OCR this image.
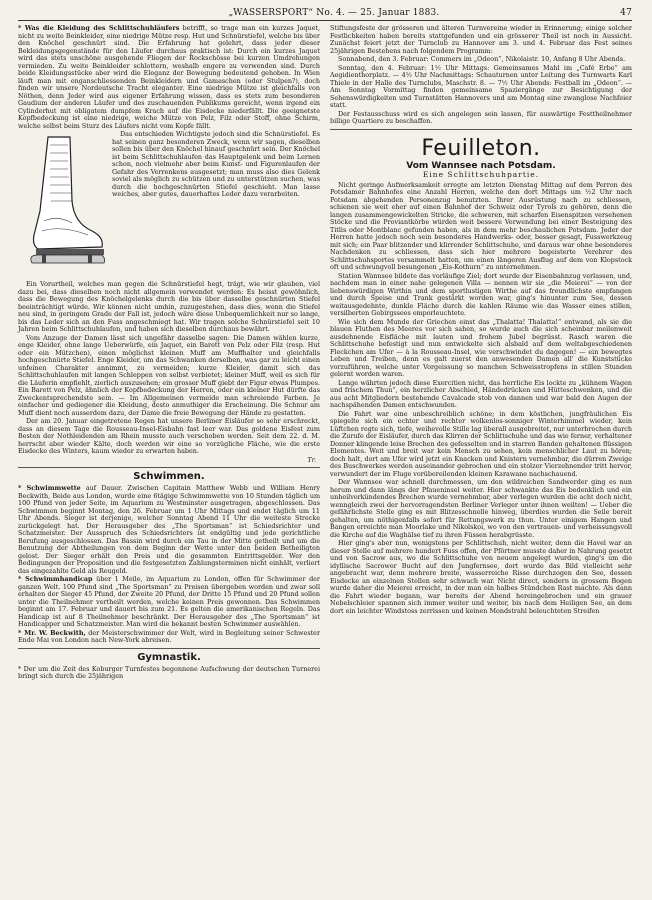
„WASSERSPORT“ No. 4. — 25. Januar 1883.	47

* Was die Kleidung des Schlittschuhläufers betrifft, so trage man ein kurzes Jaquet, nicht zu weite Beinkleider, eine niedrige Mütze resp. Hut und Schnürstiefel, welche bis über den Knöchel geschnürt sind. Die Erfahrung hat gelehrt, dass jeder dieser Bekleidungsgegenstände für den Läufer durchaus praktisch ist: Durch ein kurzes Jaquet wird das stets unschöne ausgehende Fliegen der Rockschösse bei kurzen Umdrehungen vermieden. Zu weite Beinkleider schlottern, weshalb engere zu verwenden sind. Durch beide Kleidungsstücke aber wird die Eleganz der Bewegung bedeutend gehoben. In Wien läuft man mit enganschliessenden Beinkleidern und Gamaschen (oder Stulpen?), doch finden wir unsere Nordeutsche Tracht eleganter. Eine niedrige Mütze ist gleichfalls von Nöthen, denn Jeder wird aus eigener Erfahrung wissen, dass es stets zum besonderen Gaudium der anderen Läufer und des zuschauenden Publikums gereicht, wenn irgend ein Cylinderhut mit obligatem dumpfem Krach auf die Eisdecke niederfällt. Die geeignetste Kopfbedeckung ist eine niedrige, weiche Mütze von Pelz, Filz oder Stoff, ohne Schirm, welche selbst beim Sturz des Läufers nicht vom Kopfe fällt.

Das entschieden Wichtigste jedoch sind die Schnürstiefel. Es hat seinen ganz besonderen Zweck, wenn wir sagen, dieselben sollen bis über den Knöchel hinauf geschnürt sein. Der Knöchel ist beim Schlittschuhlaufen das Hauptgelenk und beim Lernen schon, noch vielmehr aber beim Kunst- und Figurenlaufen der Gefahr des Verrenkens ausgesetzt; man muss also dies Gelenk soviel als möglich zu schützen und zu unterstützen suchen, was durch die hochgeschnürten Stiefel geschieht. Man lasse weiches, aber gutes, dauerhaftes Leder dazu verarbeiten.

Ein Vorurtheil, welches man gegen die Schnürstiefel hegt, trägt, wie wir glauben, viel dazu bei, dass dieselben noch nicht allgemein verwendet werden: Es heisst gewöhnlich, dass die Bewegung des Knöchelgelenks durch die bis über dasselbe geschnürten Stiefel beeinträchtigt würde. Wir können nicht umhin, zuzugestehen, dass dies, wenn die Stiefel neu sind, in geringem Grade der Fall ist, jedoch wäre diese Unbequemlichkeit nur so lange, bis das Leder sich an den Fuss angeschmiegt hat. Wir tragen solche Schnürstiefel seit 10 Jahren beim Schlittschuhlaufen, und haben sich dieselben durchaus bewährt.

Vom Anzuge der Damen lässt sich ungefähr dasselbe sagen: Die Damen wählen kurze, enge Kleider, ohne lange Ueberwürfe, ein Jaquet, ein Barett von Pelz oder Filz (resp. Hut oder ein Mützchen), einen möglichst kleinen Muff am Muffhalter und gleichfalls hochgeschnürte Stiefel. Enge Kleider, um das Schwanken derselben, was gar zu leicht einen unfeinen Charakter annimmt, zu vermeiden; kurze Kleider, damit sich das Schlittschuhlaufen mit langen Schleppen von selbst verbietet; kleiner Muff, weil es sich für die Läuferin empfiehlt, zierlich auszusehen; ein grosser Muff giebt der Figur etwas Plumpes. Ein Barett von Pelz, ähnlich der Kopfbedeckung der Herren, oder ein kleiner Hut dürfte das Zweckentsprechendste sein. — Im Allgemeinen vermeide man schreiende Farben. Je einfacher und gediegener die Kleidung, desto anmuthiger die Erscheinung. Die Schnur am Muff dient noch ausserdem dazu, der Dame die freie Bewegung der Hände zu gestatten.

Der am 20. Januar eingetretene Regen hat unsere Berliner Eisläufer so sehr erschreckt, dass an diesem Tage die Rousseau-Insel-Eisbahn fast leer war. Das goldene Eisfest zum Besten der Nothleidenden am Rhein musste auch verschoben werden. Seit dem 22. d. M. herrscht aber wieder Kälte, doch werden wir eine so vorzügliche Fläche, wie die erste Eisdecke des Winters, kaum wieder zu erwarten haben.

Tr.
Schwimmen.

* Schwimmwette auf Dauer. Zwischen Capitain Matthew Webb und William Henry Beckwith, Beide aus London, wurde eine 6tägige Schwimmwette von 10 Stunden täglich um 100 Pfund von jeder Seite, im Aquarium zu Westminster ausgetragen, abgeschlossen. Das Schwimmen beginnt Montag, den 26. Februar um 1 Uhr Mittags und endet täglich um 11 Uhr Abends. Sieger ist derjenige, welcher Sonntag Abend 11 Uhr die weiteste Strecke zurückgelegt hat. Der Herausgeber des „The Sportsman“ ist Schiedsrichter und Schatzmeister. Der Ausspruch des Schiedsrichters ist endgültig und jede gerichtliche Berufung ausgeschlossen. Das Bassin wird durch ein Tau in der Mitte getheilt und um die Benutzung der Abtheilungen von dem Beginn der Wette unter den beiden Betheiligten gelost. Der Sieger erhält den Preis und die gesammten Eintrittsgelder. Wer den Bedingungen der Proposition und die festgesetzten Zahlungsterminen nicht einhält, verliert das eingezahlte Geld als Reugeld.

* Schwimmhandicap über 1 Meile, im Aquarium zu London, offen für Schwimmer der ganzen Welt. 100 Pfund sind „The Sportsman“ zu Preisen übergeben worden und zwar soll erhalten der Sieger 45 Pfund, der Zweite 20 Pfund, der Dritte 15 Pfund und 20 Pfund sollen unter die Theilnehmer vertheilt werden, welche keinen Preis gewonnen. Das Schwimmen beginnt am 17. Februar und dauert bis zum 21. Es gelten die amerikanischen Regeln. Das Handicap ist auf 8 Theilnehmer beschränkt. Der Herausgeber des „The Sportsman“ ist Handicapper und Schatzmeister. Man wird die bekannt besten Schwimmer auswählen.

* Mr. W. Beckwith, der Meisterschwimmer der Welt, wird in Begleitung seiner Schwester Ende Mai von London nach New-York abreisen.

Gymnastik.

* Der um die Zeit des Koburger Turnfestes begonnene Aufschwung der deutschen Turnerei bringt sich durch die 25jährigen

Stiftungsfeste der grösseren und älteren Turnvereine wieder in Erinnerung; einige solcher Festlichkeiten haben bereits stattgefunden und ein grösserer Theil ist noch in Aussicht. Zunächst feiert jetzt der Turnclub zu Hannover am 3. und 4. Februar das Fest seines 25jährigen Bestehens nach folgendem Programm:

Sonnabend, den 3. Februar: Commers im „Odeon“, Nikolaistr. 10, Anfang 8 Uhr Abends.

Sonntag, den 4. Februar: 1½ Uhr Mittags: Gemeinsames Mahl im „Café Erbe“ am Aegidienthorplatz. — 4½ Uhr Nachmittags: Schauturnen unter Leitung des Turnwarts Karl Thiele in der Halle des Turnclubs, Maschstr. 8. — 7½ Uhr Abends: Festball im „Odeon“. — Am Sonntag Vormittag finden gemeinsame Spaziergänge zur Besichtigung der Sehenswürdigkeiten und Turnstätten Hannovers und am Montag eine zwanglose Nachfeier statt.

Der Festausschuss wird es sich angelegen sein lassen, für auswärtige Festtheilnehmer billige Quartiere zu beschaffen.

Feuilleton.
Vom Wannsee nach Potsdam.
Eine Schlittschuhpartie.

Nicht geringe Aufmerksamkeit erregte am letzten Dienstag Mittag auf dem Perron des Potsdamer Bahnhofes eine Anzahl Herren, welche den dort Mittags um ½2 Uhr nach Potsdam abgehenden Personenzug benutzten. Ihrer Ausrüstung nach zu schliessen, schienen sie weit eher auf einen Bahnhof der Schweiz oder Tyrols zu gehören, denn die langen zusammengewickelten Stricke, die schweren, mit scharfen Eisenspitzen versehenen Stöcke und die Proviantkörbe würden weit bessere Verwendung bei einer Besteigung des Titlis oder Montblanc gefunden haben, als in dem mehr beschaulichen Potsdam. Jeder der Herren hatte jedoch noch sein besonderes Handwerks- oder, besser gesagt, Fusswerkzeug mit sich; ein Paar blitzender und klirrender Schlittschuhe, und daraus war ohne besonderes Nachdenken zu schliessen, dass sich hier mehrere begeisterte Verehrer des Schlittschuhsportes versammelt hatten, um einen längeren Ausflug auf dem von Klopstock oft und schwungvoll besungenen „Eis-Kothurn“ zu unternehmen.

Station Wannsee bildete das vorläufige Ziel; dort wurde der Eisenbahnzug verlassen, und, nachdem man in einer nahe gelegenen Villa — nennen wir sie „die Meierei“ — von der liebenswürdigen Wirthin und dem sportlustigen Wirthe auf das freundlichste empfangen und durch Speise und Trank gestärkt worden war, ging's hinunter zum See, dessen weitausgedehnte, dunkle Fläche durch die kahlen Räume wie das Wasser eines stillen, versilberten Gebirgssees emporleuchtete.

Wie sich dem Munde der Griechen einst das „Thalatta! Thalatta!“ entwand, als sie die blauen Fluthen des Meeres vor sich sahen, so wurde auch die sich scheinbar meilenweit ausdehnende Eisfläche mit lauten und frohem Jubel begrüsst. Rasch waren die Schlittschuhe befestigt und nun entwickelte sich alsbald auf dem weltabgeschiedenen Fleckchen am Ufer — à la Rousseau-Insel, wie verschwindet du dagegen! — ein bewegtes Leben und Treiben, denn es galt zuerst den anwesenden Damen all' die Kunststücke vorzuführen, welche unter Vorgeissung so manchen Schweisstropfens in stillen Stunden gelernt worden waren.

Lange währten jedoch diese Exercitien nicht, das herrliche Eis lockte zu „kühnem Wagen und frischem Thun“, ein herzlicher Abschied, Händedrücken und Hütteschwenken, und die aus acht Mitgliedern bestehende Cavalcade stob von dannen und war bald den Augen der nachspähenden Damen entschwunden.

Die Fahrt war eine unbeschreiblich schöne; in dem köstlichen, jungfräulichen Eis spiegelte sich ein echter und rechter wolkenlos-sonniger Winterhimmel wieder, kein Lüftchen regte sich, tiefe, weihevolle Stille lag überall ausgebreitet, nur unterbrochen durch die Zurufe der Eisläufer, durch das Klirren der Schlittschuhe und das wie ferner, verhaltener Donner klingende leise Brechen des gefesselten und in starren Banden gehaltenen flüssigen Elementes. Weit und breit war kein Mensch zu sehen, kein menschlicher Laut zu hören; doch halt, dort am Ufer wird jetzt ein Knacken und Knistern vernehmbar, die dürren Zweige des Buschwerkes werden auseinander gebrochen und ein stolzer Vierzehnender tritt hervor, verwundert der im Fluge vorübereilenden kleinen Karawane nachschauend.

Der Wannsee war schnell durchmessen, um den wildreichen Sandwerder ging es nun herum und dann längs der Pfaueninsel weiter. Hier schwankte das Eis bedenklich und ein unheilverkündendes Brechen wurde vernehmbar, aber verlegen wurden die acht doch nicht, wenngleich zwei der hervorragendsten Berliner Verleger unter ihnen weilten! — Ueber die gefährlichste Stelle ging es mit Blitzesschnelle hinweg, überdies wurden die Seile bereit gehalten, um nöthigenfalls sofort für Rettungswerk zu thun. Unter einigem Hangen und Bangen erreichte man Moorlake und Nikolskoi, wo von den vertrauen- und verheissungsvoll die Kirche auf die Waghälse tief zu ihren Füssen herabgrüsste.

Hier ging's aber nun, wenigstens per Schlittschuh, nicht weiter, denn die Havel war an dieser Stelle auf mehrere hundert Fuss offen, der Pförtner musste daher in Nahrung gesetzt und von Sacrow aus, wo die Schlittschuhe von neuem angelegt wurden, ging's um die idyllische Sacrower Bucht auf den Jungfernsee, dort wurde das Bild vielleicht sehr angebracht war, denn mehrere breite, wasserreiche Risse durchzogen den See, dessen Eisdecke an einzelnen Stellen sehr schwach war. Nicht direct, sondern in grossem Bogen wurde daher die Meierei erreicht, in der man ein halbes Stündchen Rast machte. Als dann die Fahrt wieder begann, war bereits der Abend hereingebrochen und ein grauer Nebelschleier spannen sich immer weiter und weiter, bis nach dem Heiligen See, an dem dort ein leichter Windstoss zerrissen und keinen Mondstrahl beleuchteten Streifen
